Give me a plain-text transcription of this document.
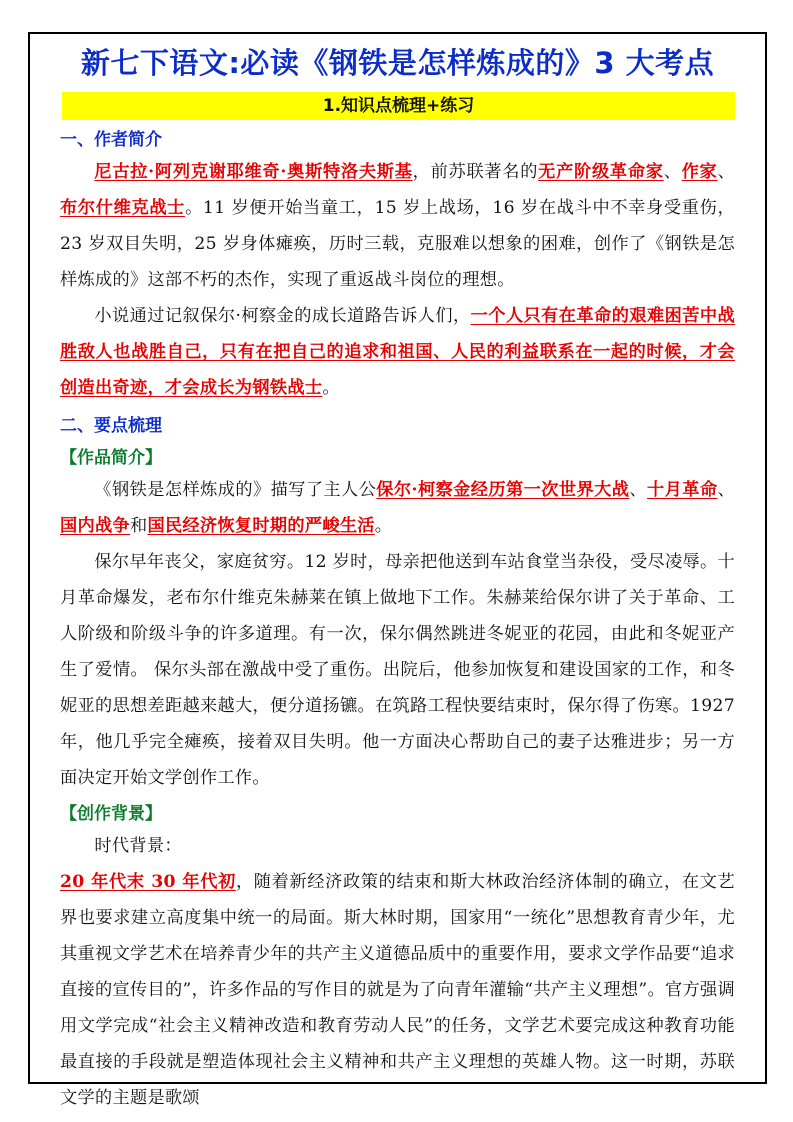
新七下语文:必读《钢铁是怎样炼成的》3 大考点
1.知识点梳理+练习
一、作者简介

尼古拉·阿列克谢耶维奇·奥斯特洛夫斯基，前苏联著名的无产阶级革命家、作家、布尔什维克战士。11 岁便开始当童工，15 岁上战场，16 岁在战斗中不幸身受重伤，23 岁双目失明，25 岁身体瘫痪，历时三载，克服难以想象的困难，创作了《钢铁是怎样炼成的》这部不朽的杰作，实现了重返战斗岗位的理想。

小说通过记叙保尔·柯察金的成长道路告诉人们，一个人只有在革命的艰难困苦中战胜敌人也战胜自己，只有在把自己的追求和祖国、人民的利益联系在一起的时候，才会创造出奇迹，才会成长为钢铁战士。

二、要点梳理
【作品简介】

《钢铁是怎样炼成的》描写了主人公保尔·柯察金经历第一次世界大战、十月革命、国内战争和国民经济恢复时期的严峻生活。

保尔早年丧父，家庭贫穷。12 岁时，母亲把他送到车站食堂当杂役，受尽凌辱。十月革命爆发，老布尔什维克朱赫莱在镇上做地下工作。朱赫莱给保尔讲了关于革命、工人阶级和阶级斗争的许多道理。有一次，保尔偶然跳进冬妮亚的花园，由此和冬妮亚产生了爱情。 保尔头部在激战中受了重伤。出院后，他参加恢复和建设国家的工作，和冬妮亚的思想差距越来越大，便分道扬镳。在筑路工程快要结束时，保尔得了伤寒。1927 年，他几乎完全瘫痪，接着双目失明。他一方面决心帮助自己的妻子达雅进步；另一方面决定开始文学创作工作。

【创作背景】

时代背景：

20 年代末 30 年代初，随着新经济政策的结束和斯大林政治经济体制的确立，在文艺界也要求建立高度集中统一的局面。斯大林时期，国家用“一统化”思想教育青少年，尤其重视文学艺术在培养青少年的共产主义道德品质中的重要作用，要求文学作品要“追求直接的宣传目的”，许多作品的写作目的就是为了向青年灌输“共产主义理想”。官方强调用文学完成“社会主义精神改造和教育劳动人民”的任务，文学艺术要完成这种教育功能最直接的手段就是塑造体现社会主义精神和共产主义理想的英雄人物。这一时期，苏联文学的主题是歌颂
